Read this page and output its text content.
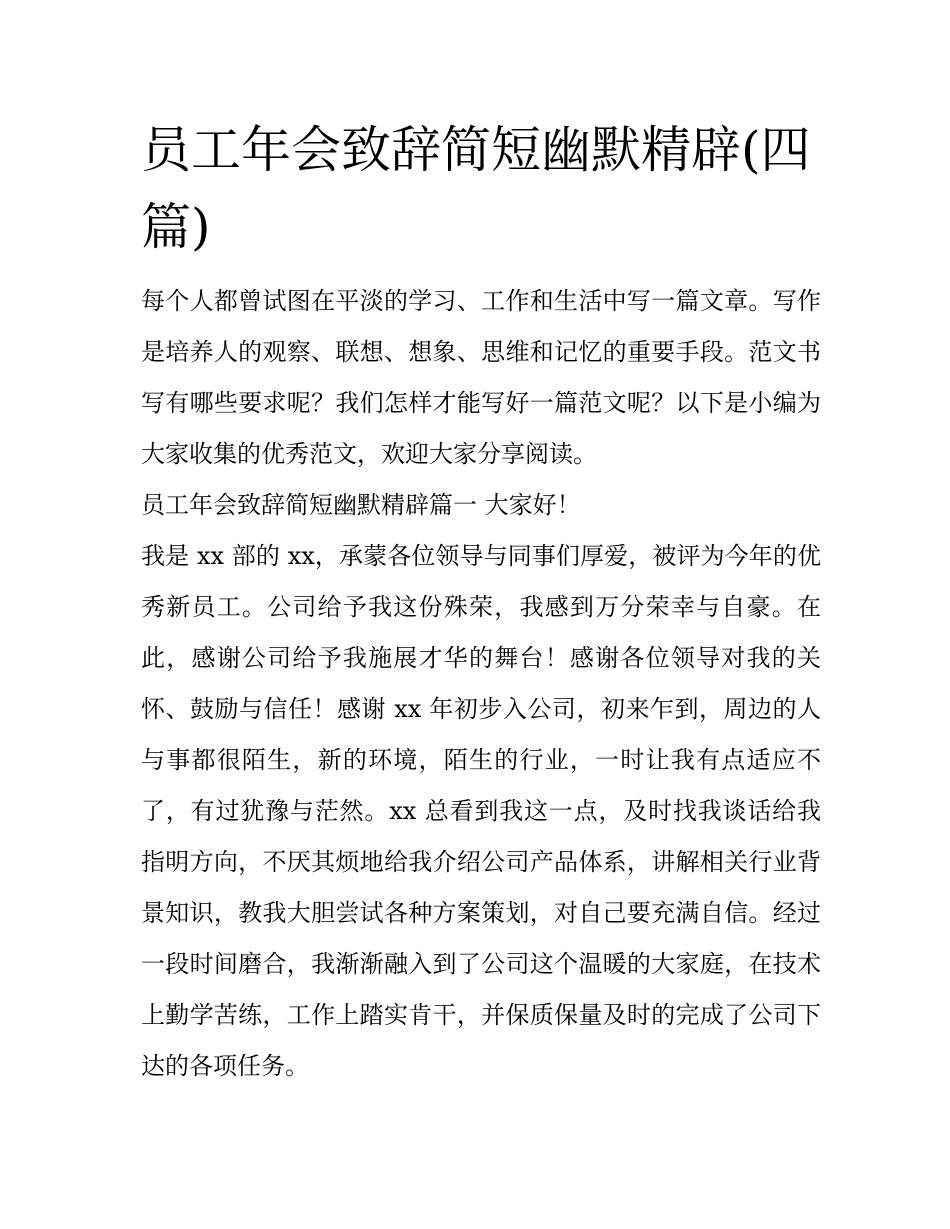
员工年会致辞简短幽默精辟(四篇)

每个人都曾试图在平淡的学习、工作和生活中写一篇文章。写作是培养人的观察、联想、想象、思维和记忆的重要手段。范文书写有哪些要求呢？我们怎样才能写好一篇范文呢？以下是小编为大家收集的优秀范文，欢迎大家分享阅读。

员工年会致辞简短幽默精辟篇一 大家好！

我是 xx 部的 xx，承蒙各位领导与同事们厚爱，被评为今年的优秀新员工。公司给予我这份殊荣，我感到万分荣幸与自豪。在此，感谢公司给予我施展才华的舞台！感谢各位领导对我的关怀、鼓励与信任！感谢 xx 年初步入公司，初来乍到，周边的人与事都很陌生，新的环境，陌生的行业，一时让我有点适应不了，有过犹豫与茫然。xx 总看到我这一点，及时找我谈话给我指明方向，不厌其烦地给我介绍公司产品体系，讲解相关行业背景知识，教我大胆尝试各种方案策划，对自己要充满自信。经过一段时间磨合，我渐渐融入到了公司这个温暖的大家庭，在技术上勤学苦练，工作上踏实肯干，并保质保量及时的完成了公司下达的各项任务。
